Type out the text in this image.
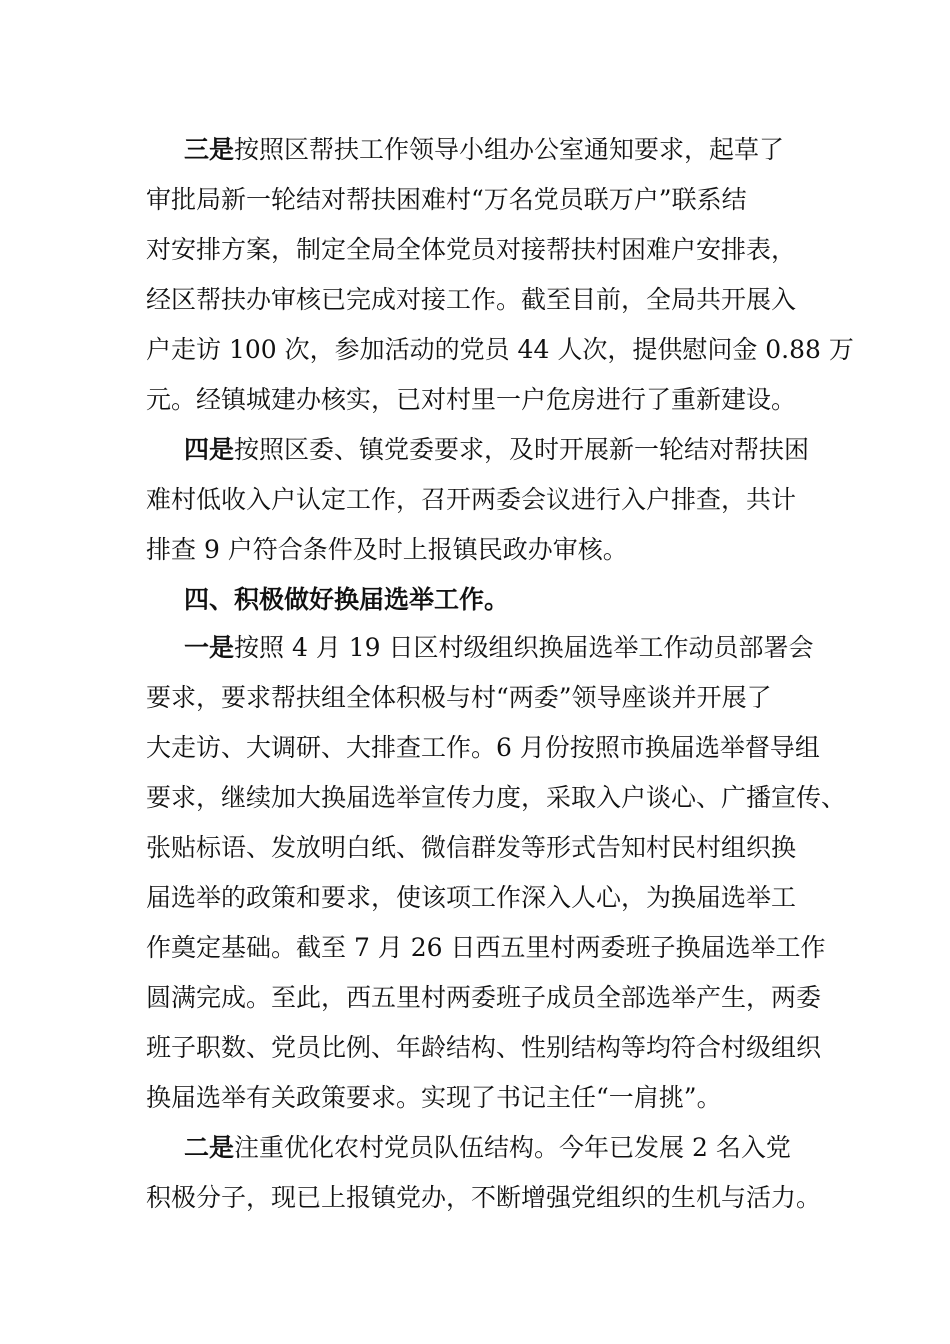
三是按照区帮扶工作领导小组办公室通知要求，起草了
审批局新一轮结对帮扶困难村“万名党员联万户”联系结
对安排方案，制定全局全体党员对接帮扶村困难户安排表，
经区帮扶办审核已完成对接工作。截至目前，全局共开展入
户走访 100 次，参加活动的党员 44 人次，提供慰问金 0.88 万
元。经镇城建办核实，已对村里一户危房进行了重新建设。
四是按照区委、镇党委要求，及时开展新一轮结对帮扶困
难村低收入户认定工作，召开两委会议进行入户排查，共计
排查 9 户符合条件及时上报镇民政办审核。
四、积极做好换届选举工作。
一是按照 4 月 19 日区村级组织换届选举工作动员部署会
要求，要求帮扶组全体积极与村“两委”领导座谈并开展了
大走访、大调研、大排查工作。6 月份按照市换届选举督导组
要求，继续加大换届选举宣传力度，采取入户谈心、广播宣传、
张贴标语、发放明白纸、微信群发等形式告知村民村组织换
届选举的政策和要求，使该项工作深入人心，为换届选举工
作奠定基础。截至 7 月 26 日西五里村两委班子换届选举工作
圆满完成。至此，西五里村两委班子成员全部选举产生，两委
班子职数、党员比例、年龄结构、性别结构等均符合村级组织
换届选举有关政策要求。实现了书记主任“一肩挑”。
二是注重优化农村党员队伍结构。今年已发展 2 名入党
积极分子，现已上报镇党办，不断增强党组织的生机与活力。
